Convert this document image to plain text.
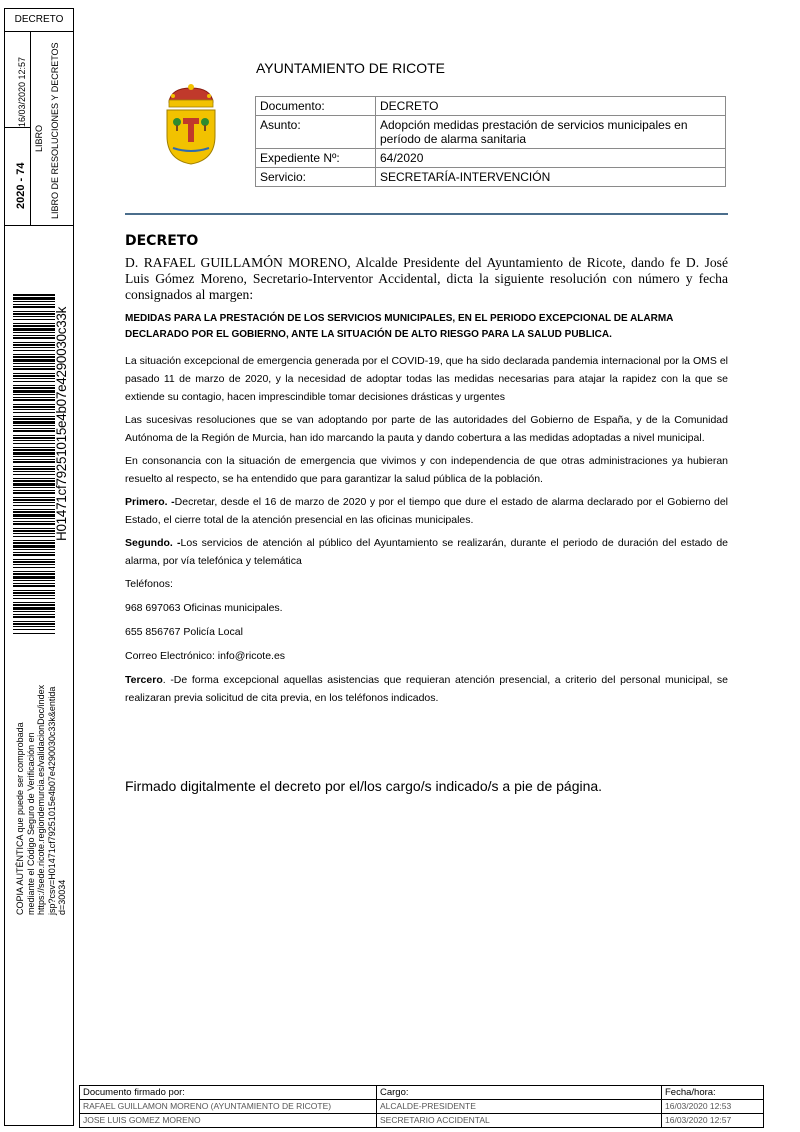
DECRETO
16/03/2020 12:57
LIBRO LIBRO DE RESOLUCIONES Y DECRETOS
2020 - 74
H01471cf79251015e4b07e4290030c33k
COPIA AUTÉNTICA que puede ser comprobada mediante el Código Seguro de Verificación en https://sede.ricote.regiondemurcia.es/validacionDoc/index jsp?csv=H01471cf79251015e4b07e4290030c33k&entida d=30034
AYUNTAMIENTO DE RICOTE
Documento:	DECRETO
Asunto:	Adopción medidas prestación de servicios municipales en período de alarma sanitaria
Expediente Nº:	64/2020
Servicio:	SECRETARÍA-INTERVENCIÓN
DECRETO

D. RAFAEL GUILLAMÓN MORENO, Alcalde Presidente del Ayuntamiento de Ricote, dando fe D. José Luis Gómez Moreno, Secretario-Interventor Accidental, dicta la siguiente resolución con número y fecha consignados al margen:

MEDIDAS PARA LA PRESTACIÓN DE LOS SERVICIOS MUNICIPALES, EN EL PERIODO EXCEPCIONAL DE ALARMA DECLARADO POR EL GOBIERNO, ANTE LA SITUACIÓN DE ALTO RIESGO PARA LA SALUD PUBLICA.

La situación excepcional de emergencia generada por el COVID-19, que ha sido declarada pandemia internacional por la OMS el pasado 11 de marzo de 2020, y la necesidad de adoptar todas las medidas necesarias para atajar la rapidez con la que se extiende su contagio, hacen imprescindible tomar decisiones drásticas y urgentes

Las sucesivas resoluciones que se van adoptando por parte de las autoridades del Gobierno de España, y de la Comunidad Autónoma de la Región de Murcia, han ido marcando la pauta y dando cobertura a las medidas adoptadas a nivel municipal.

En consonancia con la situación de emergencia que vivimos y con independencia de que otras administraciones ya hubieran resuelto al respecto, se ha entendido que para garantizar la salud pública de la población.

Primero. -Decretar, desde el 16 de marzo de 2020 y por el tiempo que dure el estado de alarma declarado por el Gobierno del Estado, el cierre total de la atención presencial en las oficinas municipales.

Segundo. -Los servicios de atención al público del Ayuntamiento se realizarán, durante el periodo de duración del estado de alarma, por vía telefónica y telemática

Teléfonos:

968 697063 Oficinas municipales.

655 856767 Policía Local

Correo Electrónico: info@ricote.es

Tercero. -De forma excepcional aquellas asistencias que requieran atención presencial, a criterio del personal municipal, se realizaran previa solicitud de cita previa, en los teléfonos indicados.

Firmado digitalmente el decreto por el/los cargo/s indicado/s a pie de página.
Documento firmado por:	Cargo:	Fecha/hora:
RAFAEL GUILLAMON MORENO (AYUNTAMIENTO DE RICOTE)	ALCALDE-PRESIDENTE	16/03/2020 12:53
JOSE LUIS GOMEZ MORENO	SECRETARIO ACCIDENTAL	16/03/2020 12:57
